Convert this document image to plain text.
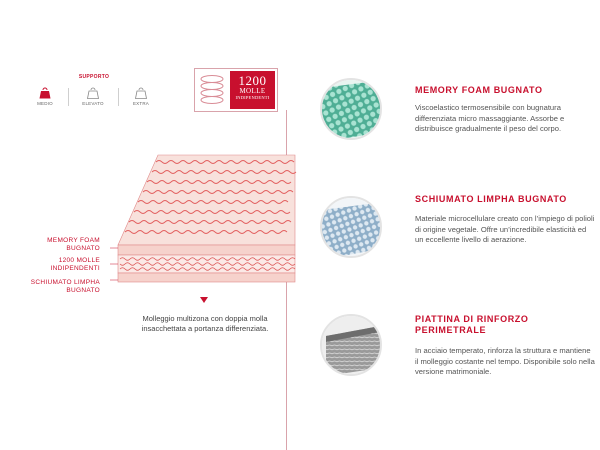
SUPPORTO
MEDIO	ELEVATO	EXTRA
1200
MOLLE
INDIPENDENTI
MEMORY FOAM BUGNATO
1200 MOLLE INDIPENDENTI
SCHIUMATO LIMPHA BUGNATO
Molleggio multizona con doppia molla insacchettata a portanza differenziata.
MEMORY FOAM BUGNATO
Viscoelastico termosensibile con bugnatura differenziata micro massaggiante. Assorbe e distribuisce gradualmente il peso del corpo.
SCHIUMATO LIMPHA BUGNATO
Materiale microcellulare creato con l’impiego di polioli di origine vegetale. Offre un’incredibile elasticità ed un eccellente livello di aerazione.
PIATTINA DI RINFORZO PERIMETRALE
In acciaio temperato, rinforza la struttura e mantiene il molleggio costante nel tempo. Disponibile solo nella versione matrimoniale.
